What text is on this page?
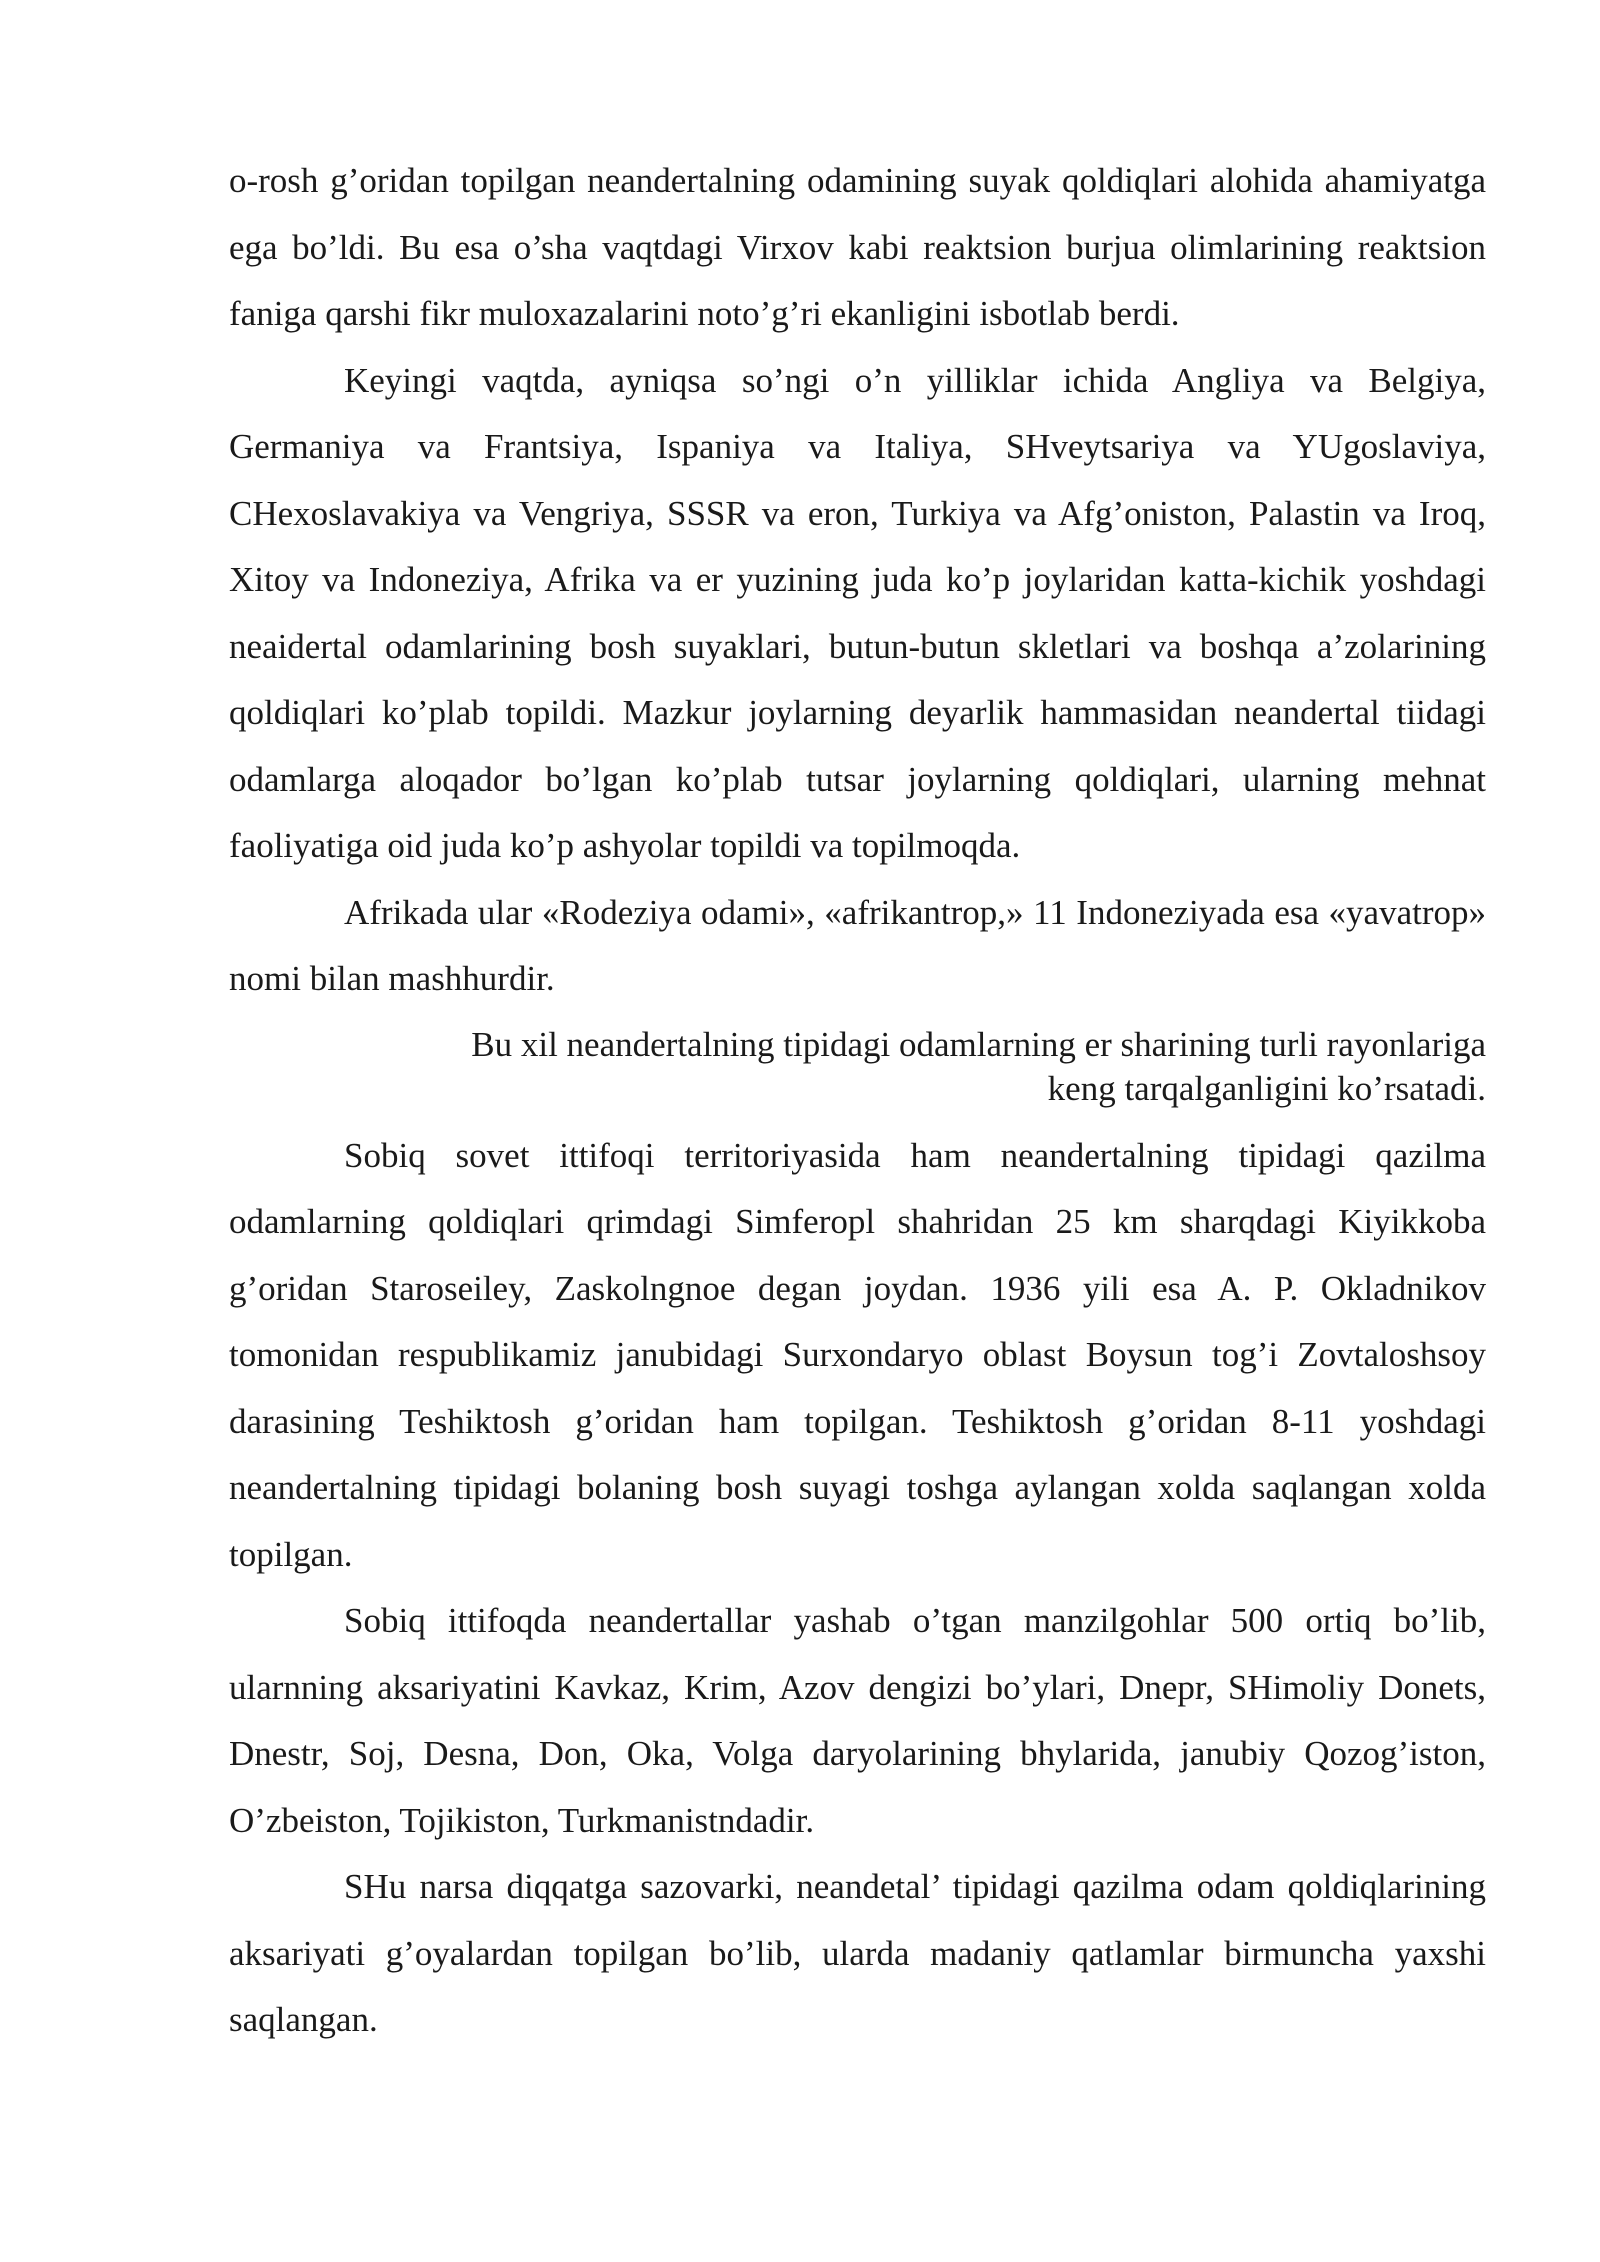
o-rosh g’oridan topilgan neandertalning odamining suyak qoldiqlari alohida ahamiyatga ega bo’ldi. Bu esa o’sha vaqtdagi Virxov kabi reaktsion burjua olimlarining reaktsion faniga qarshi fikr muloxazalarini noto’g’ri ekanligini isbotlab berdi.

Keyingi vaqtda, ayniqsa so’ngi o’n yilliklar ichida Angliya va Belgiya, Germaniya va Frantsiya, Ispaniya va Italiya, SHveytsariya va YUgoslaviya, CHexoslavakiya va Vengriya, SSSR va eron, Turkiya va Afg’oniston, Palastin va Iroq, Xitoy va Indoneziya, Afrika va er yuzining juda ko’p joylaridan katta-kichik yoshdagi neaidertal odamlarining bosh suyaklari, butun-butun skletlari va boshqa a’zolarining qoldiqlari ko’plab topildi. Mazkur joylarning deyarlik hammasidan neandertal tiidagi odamlarga aloqador bo’lgan ko’plab tutsar joylarning qoldiqlari, ularning mehnat faoliyatiga oid juda ko’p ashyolar topildi va topilmoqda.

Afrikada ular «Rodeziya odami», «afrikantrop,» 11 Indoneziyada esa «yavatrop» nomi bilan mashhurdir.

Bu xil neandertalning tipidagi odamlarning er sharining turli rayonlariga
keng tarqalganligini ko’rsatadi.

Sobiq sovet ittifoqi territoriyasida ham neandertalning tipidagi qazilma odamlarning qoldiqlari qrimdagi Simferopl shahridan 25 km sharqdagi Kiyikkoba g’oridan Staroseiley, Zaskolngnoe degan joydan. 1936 yili esa A. P. Okladnikov tomonidan respublikamiz janubidagi Surxondaryo oblast Boysun tog’i Zovtaloshsoy darasining Teshiktosh g’oridan ham topilgan. Teshiktosh g’oridan 8-11 yoshdagi neandertalning tipidagi bolaning bosh suyagi toshga aylangan xolda saqlangan xolda topilgan.

Sobiq ittifoqda neandertallar yashab o’tgan manzilgohlar 500 ortiq bo’lib, ularnning aksariyatini Kavkaz, Krim, Azov dengizi bo’ylari, Dnepr, SHimoliy Donets, Dnestr, Soj, Desna, Don, Oka, Volga daryolarining bhylarida, janubiy Qozog’iston, O’zbeiston, Tojikiston, Turkmanistndadir.

SHu narsa diqqatga sazovarki, neandetal’ tipidagi qazilma odam qoldiqlarining aksariyati g’oyalardan topilgan bo’lib, ularda madaniy qatlamlar birmuncha yaxshi saqlangan.
